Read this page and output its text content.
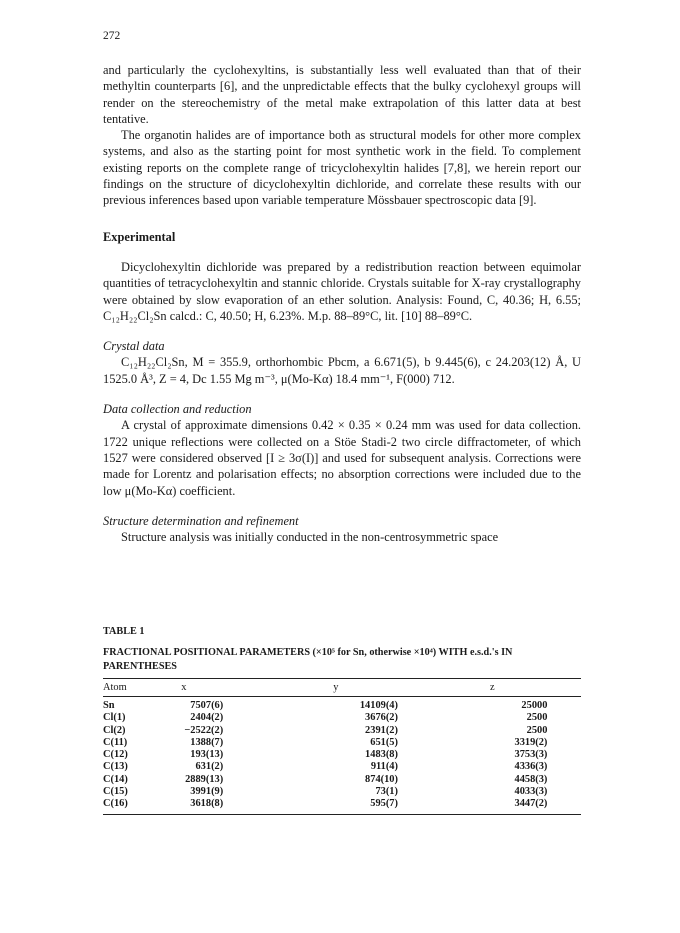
272

and particularly the cyclohexyltins, is substantially less well evaluated than that of their methyltin counterparts [6], and the unpredictable effects that the bulky cyclohexyl groups will render on the stereochemistry of the metal make extrapolation of this latter data at best tentative.

The organotin halides are of importance both as structural models for other more complex systems, and also as the starting point for most synthetic work in the field. To complement existing reports on the complete range of tricyclohexyltin halides [7,8], we herein report our findings on the structure of dicyclohexyltin dichloride, and correlate these results with our previous inferences based upon variable temperature Mössbauer spectroscopic data [9].

Experimental

Dicyclohexyltin dichloride was prepared by a redistribution reaction between equimolar quantities of tetracyclohexyltin and stannic chloride. Crystals suitable for X-ray crystallography were obtained by slow evaporation of an ether solution. Analysis: Found, C, 40.36; H, 6.55; C₁₂H₂₂Cl₂Sn calcd.: C, 40.50; H, 6.23%. M.p. 88–89°C, lit. [10] 88–89°C.

Crystal data

C₁₂H₂₂Cl₂Sn, M = 355.9, orthorhombic Pbcm, a 6.671(5), b 9.445(6), c 24.203(12) Å, U 1525.0 Å³, Z = 4, Dc 1.55 Mg m⁻³, μ(Mo-Kα) 18.4 mm⁻¹, F(000) 712.

Data collection and reduction

A crystal of approximate dimensions 0.42 × 0.35 × 0.24 mm was used for data collection. 1722 unique reflections were collected on a Stöe Stadi-2 two circle diffractometer, of which 1527 were considered observed [I ≥ 3σ(I)] and used for subsequent analysis. Corrections were made for Lorentz and polarisation effects; no absorption corrections were included due to the low μ(Mo-Kα) coefficient.

Structure determination and refinement

Structure analysis was initially conducted in the non-centrosymmetric space

TABLE 1
FRACTIONAL POSITIONAL PARAMETERS (×10⁵ for Sn, otherwise ×10⁴) WITH e.s.d.'s IN PARENTHESES
Atom	x	y	z	
Sn	7507(6)	14109(4)	25000	
Cl(1)	2404(2)	3676(2)	2500	
Cl(2)	−2522(2)	2391(2)	2500	
C(11)	1388(7)	651(5)	3319(2)	
C(12)	193(13)	1483(8)	3753(3)	
C(13)	631(2)	911(4)	4336(3)	
C(14)	2889(13)	874(10)	4458(3)	
C(15)	3991(9)	73(1)	4033(3)	
C(16)	3618(8)	595(7)	3447(2)	
